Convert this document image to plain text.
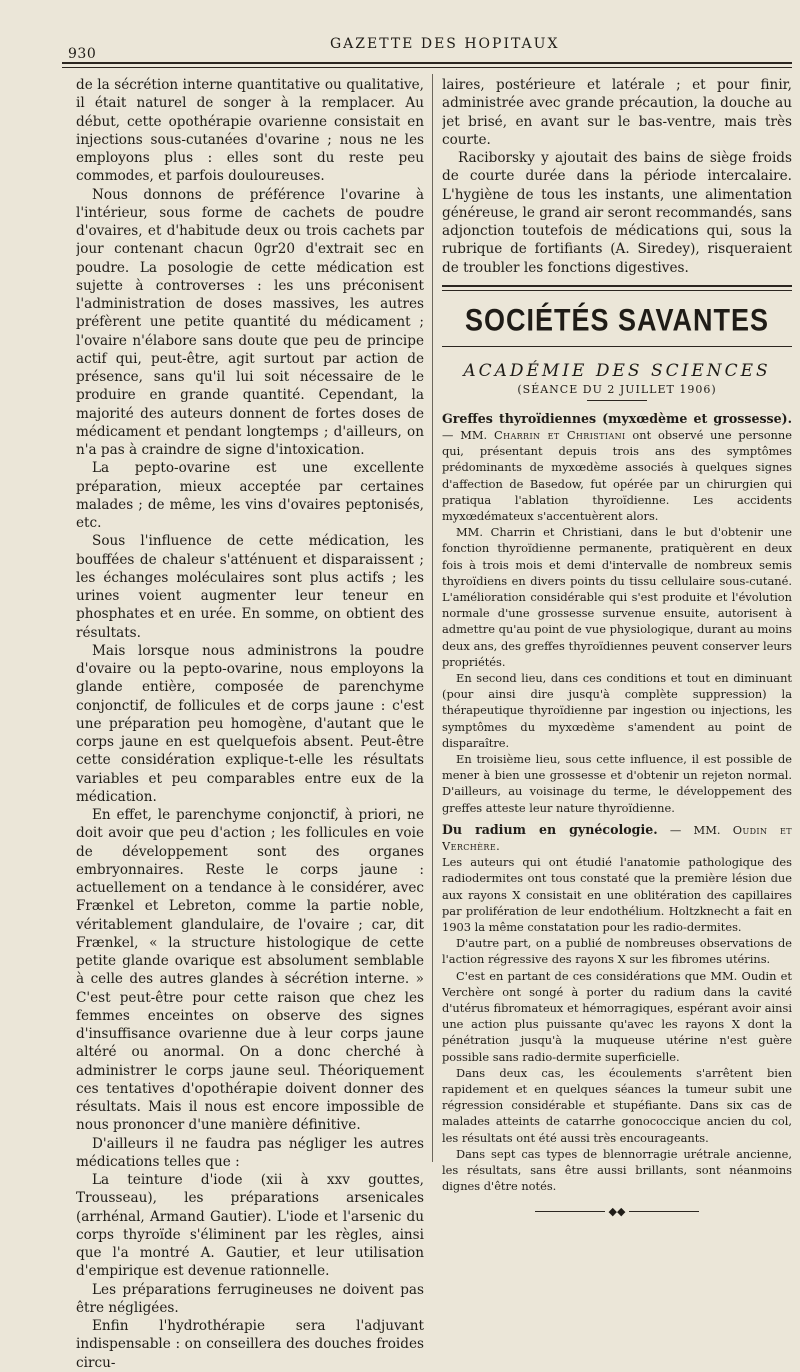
930
GAZETTE DES HOPITAUX

de la sécrétion interne quantitative ou qualitative, il était naturel de songer à la remplacer. Au début, cette opothérapie ovarienne consistait en injections sous-cutanées d'ovarine ; nous ne les employons plus : elles sont du reste peu commodes, et parfois douloureuses.

Nous donnons de préférence l'ovarine à l'intérieur, sous forme de cachets de poudre d'ovaires, et d'habitude deux ou trois cachets par jour contenant chacun 0gr20 d'extrait sec en poudre. La posologie de cette médication est sujette à controverses : les uns préconisent l'administration de doses massives, les autres préfèrent une petite quantité du médicament ; l'ovaire n'élabore sans doute que peu de principe actif qui, peut-être, agit surtout par action de présence, sans qu'il lui soit nécessaire de le produire en grande quantité. Cependant, la majorité des auteurs donnent de fortes doses de médicament et pendant longtemps ; d'ailleurs, on n'a pas à craindre de signe d'intoxication.

La pepto-ovarine est une excellente préparation, mieux acceptée par certaines malades ; de même, les vins d'ovaires peptonisés, etc.

Sous l'influence de cette médication, les bouffées de chaleur s'atténuent et disparaissent ; les échanges moléculaires sont plus actifs ; les urines voient augmenter leur teneur en phosphates et en urée. En somme, on obtient des résultats.

Mais lorsque nous administrons la poudre d'ovaire ou la pepto-ovarine, nous employons la glande entière, composée de parenchyme conjonctif, de follicules et de corps jaune : c'est une préparation peu homogène, d'autant que le corps jaune en est quelquefois absent. Peut-être cette considération explique-t-elle les résultats variables et peu comparables entre eux de la médication.

En effet, le parenchyme conjonctif, à priori, ne doit avoir que peu d'action ; les follicules en voie de développement sont des organes embryonnaires. Reste le corps jaune : actuellement on a tendance à le considérer, avec Frænkel et Lebreton, comme la partie noble, véritablement glandulaire, de l'ovaire ; car, dit Frænkel, « la structure histologique de cette petite glande ovarique est absolument semblable à celle des autres glandes à sécrétion interne. » C'est peut-être pour cette raison que chez les femmes enceintes on observe des signes d'insuffisance ovarienne due à leur corps jaune altéré ou anormal. On a donc cherché à administrer le corps jaune seul. Théoriquement ces tentatives d'opothérapie doivent donner des résultats. Mais il nous est encore impossible de nous prononcer d'une manière définitive.

D'ailleurs il ne faudra pas négliger les autres médications telles que :

La teinture d'iode (xii à xxv gouttes, Trousseau), les préparations arsenicales (arrhénal, Armand Gautier). L'iode et l'arsenic du corps thyroïde s'éliminent par les règles, ainsi que l'a montré A. Gautier, et leur utilisation d'empirique est devenue rationnelle.

Les préparations ferrugineuses ne doivent pas être négligées.

Enfin l'hydrothérapie sera l'adjuvant indispensable : on conseillera des douches froides circu-

laires, postérieure et latérale ; et pour finir, administrée avec grande précaution, la douche au jet brisé, en avant sur le bas-ventre, mais très courte.

Raciborsky y ajoutait des bains de siège froids de courte durée dans la période intercalaire. L'hygiène de tous les instants, une alimentation généreuse, le grand air seront recommandés, sans adjonction toutefois de médications qui, sous la rubrique de fortifiants (A. Siredey), risqueraient de troubler les fonctions digestives.

SOCIÉTÉS SAVANTES
ACADÉMIE DES SCIENCES
(SÉANCE DU 2 JUILLET 1906)

Greffes thyroïdiennes (myxœdème et grossesse). — MM. Charrin et Christiani ont observé une personne qui, présentant depuis trois ans des symptômes prédominants de myxœdème associés à quelques signes d'affection de Basedow, fut opérée par un chirurgien qui pratiqua l'ablation thyroïdienne. Les accidents myxœdémateux s'accentuèrent alors.

MM. Charrin et Christiani, dans le but d'obtenir une fonction thyroïdienne permanente, pratiquèrent en deux fois à trois mois et demi d'intervalle de nombreux semis thyroïdiens en divers points du tissu cellulaire sous-cutané. L'amélioration considérable qui s'est produite et l'évolution normale d'une grossesse survenue ensuite, autorisent à admettre qu'au point de vue physiologique, durant au moins deux ans, des greffes thyroïdiennes peuvent conserver leurs propriétés.

En second lieu, dans ces conditions et tout en diminuant (pour ainsi dire jusqu'à complète suppression) la thérapeutique thyroïdienne par ingestion ou injections, les symptômes du myxœdème s'amendent au point de disparaître.

En troisième lieu, sous cette influence, il est possible de mener à bien une grossesse et d'obtenir un rejeton normal. D'ailleurs, au voisinage du terme, le développement des greffes atteste leur nature thyroïdienne.

Du radium en gynécologie. — MM. Oudin et Verchère.

Les auteurs qui ont étudié l'anatomie pathologique des radiodermites ont tous constaté que la première lésion due aux rayons X consistait en une oblitération des capillaires par prolifération de leur endothélium. Holtzknecht a fait en 1903 la même constatation pour les radio-dermites.

D'autre part, on a publié de nombreuses observations de l'action régressive des rayons X sur les fibromes utérins.

C'est en partant de ces considérations que MM. Oudin et Verchère ont songé à porter du radium dans la cavité d'utérus fibromateux et hémorragiques, espérant avoir ainsi une action plus puissante qu'avec les rayons X dont la pénétration jusqu'à la muqueuse utérine n'est guère possible sans radio-dermite superficielle.

Dans deux cas, les écoulements s'arrêtent bien rapidement et en quelques séances la tumeur subit une régression considérable et stupéfiante. Dans six cas de malades atteints de catarrhe gonococcique ancien du col, les résultats ont été aussi très encourageants.

Dans sept cas types de blennorragie urétrale ancienne, les résultats, sans être aussi brillants, sont néanmoins dignes d'être notés.

◆◆
